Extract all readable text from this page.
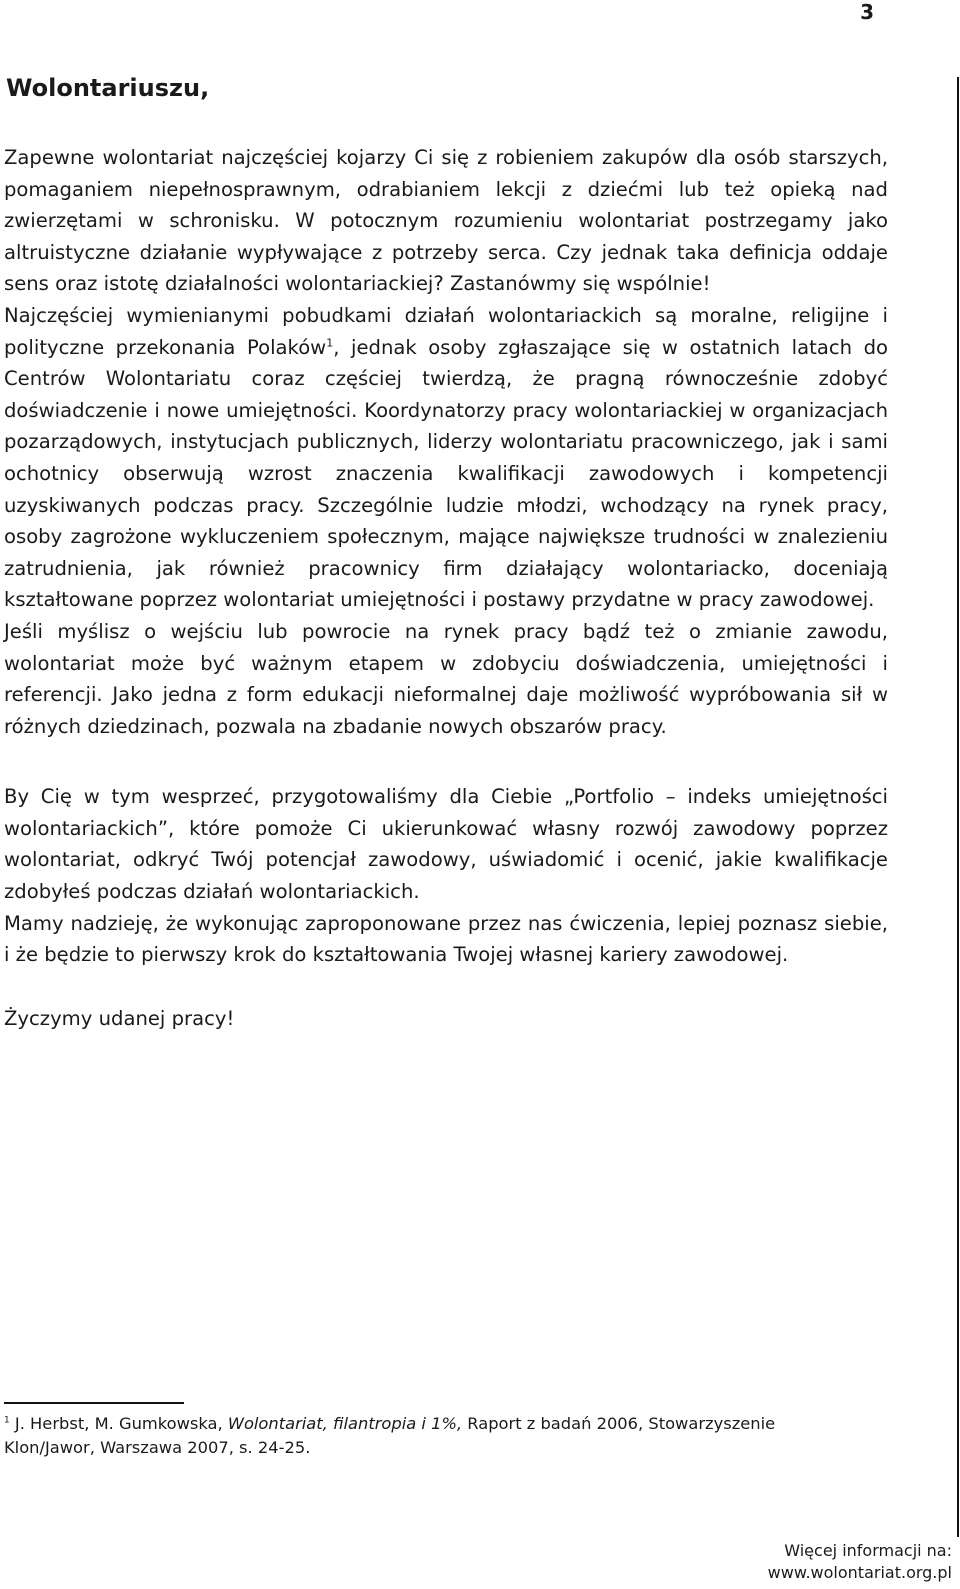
3
Wolontariuszu,

Zapewne wolontariat najczęściej kojarzy Ci się z robieniem zakupów dla osób starszych, pomaganiem niepełnosprawnym, odrabianiem lekcji z dziećmi lub też opieką nad zwierzętami w schronisku. W potocznym rozumieniu wolontariat postrzegamy jako altruistyczne działanie wypływające z potrzeby serca. Czy jednak taka definicja oddaje sens oraz istotę działalności wolontariackiej? Zastanówmy się wspólnie!

Najczęściej wymienianymi pobudkami działań wolontariackich są moralne, religijne i polityczne przekonania Polaków$^1$, jednak osoby zgłaszające się w ostatnich latach do Centrów Wolontariatu coraz częściej twierdzą, że pragną równocześnie zdobyć doświadczenie i nowe umiejętności. Koordynatorzy pracy wolontariackiej w organizacjach pozarządowych, instytucjach publicznych, liderzy wolontariatu pracowniczego, jak i sami ochotnicy obserwują wzrost znaczenia kwalifikacji zawodowych i kompetencji uzyskiwanych podczas pracy. Szczególnie ludzie młodzi, wchodzący na rynek pracy, osoby zagrożone wykluczeniem społecznym, mające największe trudności w znalezieniu zatrudnienia, jak również pracownicy firm działający wolontariacko, doceniają kształtowane poprzez wolontariat umiejętności i postawy przydatne w pracy zawodowej.

Jeśli myślisz o wejściu lub powrocie na rynek pracy bądź też o zmianie zawodu, wolontariat może być ważnym etapem w zdobyciu doświadczenia, umiejętności i referencji. Jako jedna z form edukacji nieformalnej daje możliwość wypróbowania sił w różnych dziedzinach, pozwala na zbadanie nowych obszarów pracy.

By Cię w tym wesprzeć, przygotowaliśmy dla Ciebie „Portfolio – indeks umiejętności wolontariackich”, które pomoże Ci ukierunkować własny rozwój zawodowy poprzez wolontariat, odkryć Twój potencjał zawodowy, uświadomić i ocenić, jakie kwalifikacje zdobyłeś podczas działań wolontariackich.

Mamy nadzieję, że wykonując zaproponowane przez nas ćwiczenia, lepiej poznasz siebie, i że będzie to pierwszy krok do kształtowania Twojej własnej kariery zawodowej.

Życzymy udanej pracy!

$^1$ J. Herbst, M. Gumkowska, Wolontariat, filantropia i 1%, Raport z badań 2006, Stowarzyszenie Klon/Jawor, Warszawa 2007, s. 24-25.
Więcej informacji na:
www.wolontariat.org.pl
